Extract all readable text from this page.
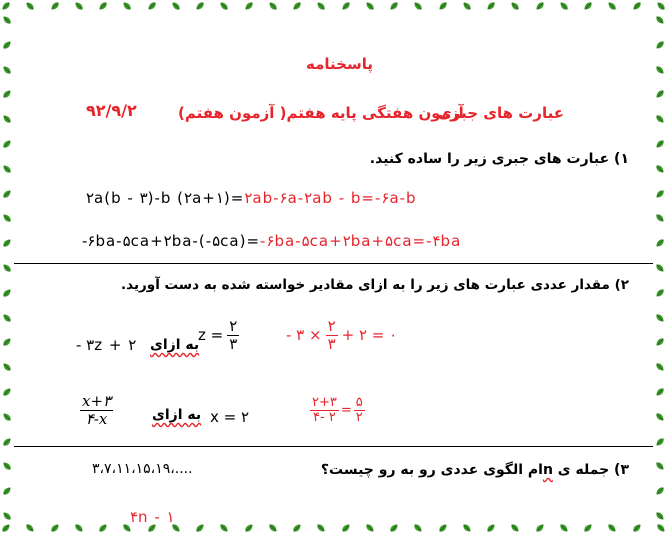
پاسخنامه
عبارت های جبری
آزمون هفتگی پایه هفتم( آزمون هفتم)
۹۲/۹/۲
۱) عبارت های جبری زیر را ساده کنید.
۲a(b - ۳)-b (۲a+۱)=۲ab-۶a-۲ab - b=-۶a-b
-۶ba-۵ca+۲ba-(-۵ca)=-۶ba-۵ca+۲ba+۵ca=-۴ba
۲) مقدار عددی عبارت های زیر را به ازای مقادیر خواسته شده به دست آورید.
- ۳z + ۲ به ازای
$z = \frac{۲}{۳}$	- ۳ × $\frac{۲}{۳}$ + ۲ = ۰
$\frac{x+۳}{۴-x}$	به ازای x = ۲	$\frac{۲+۳}{۴- ۲} = \frac{۵}{۲}$
۳) جمله ی nام الگوی عددی رو به رو چیست؟
۳،۷،۱۱،۱۵،۱۹،....
۴n - ۱
